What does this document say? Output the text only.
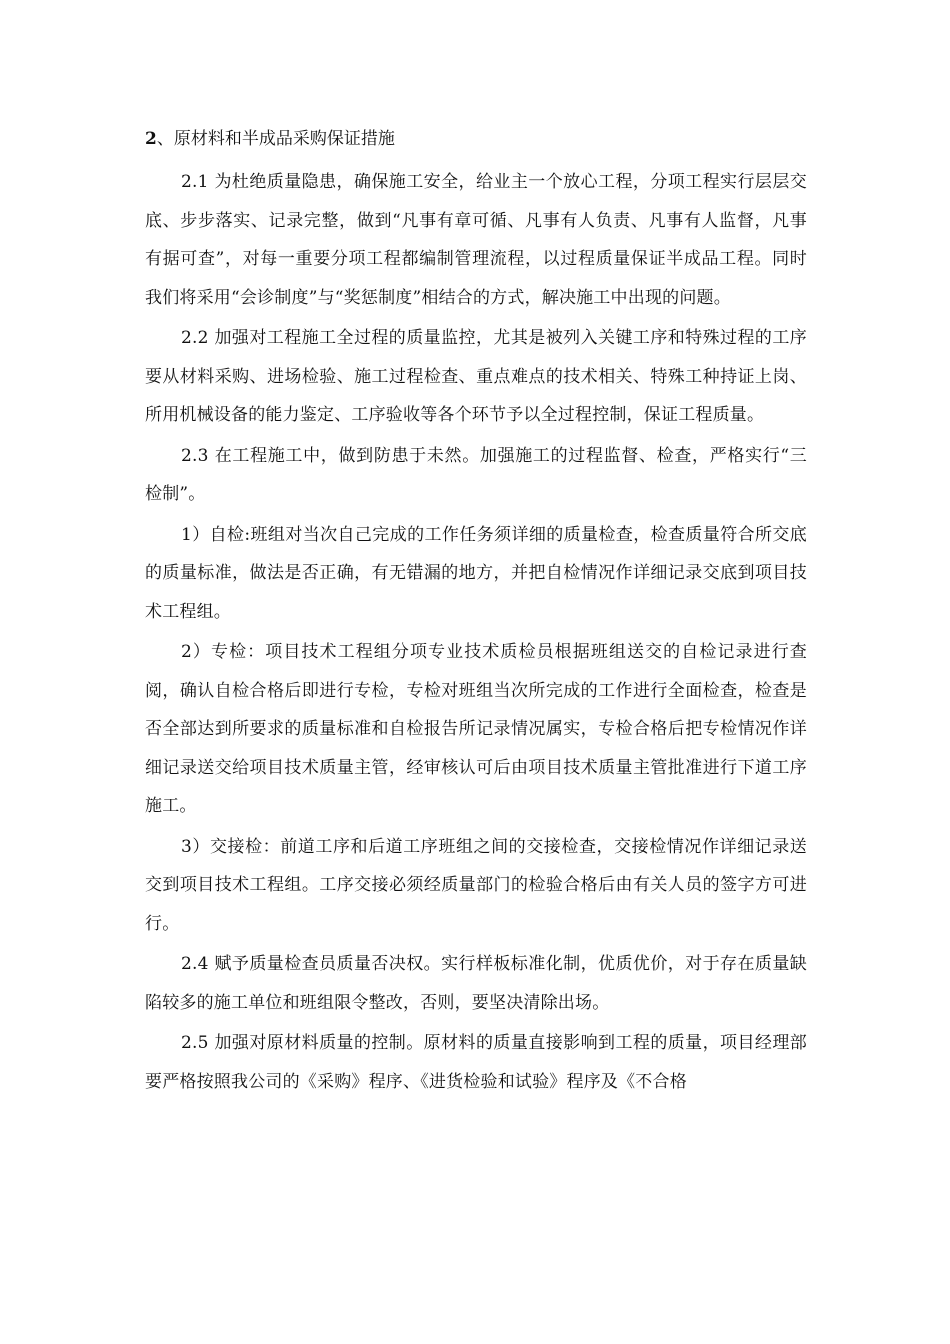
2、原材料和半成品采购保证措施

2.1 为杜绝质量隐患，确保施工安全，给业主一个放心工程，分项工程实行层层交底、步步落实、记录完整，做到“凡事有章可循、凡事有人负责、凡事有人监督，凡事有据可查”，对每一重要分项工程都编制管理流程，以过程质量保证半成品工程。同时我们将采用“会诊制度”与“奖惩制度”相结合的方式，解决施工中出现的问题。

2.2 加强对工程施工全过程的质量监控，尤其是被列入关键工序和特殊过程的工序要从材料采购、进场检验、施工过程检查、重点难点的技术相关、特殊工种持证上岗、所用机械设备的能力鉴定、工序验收等各个环节予以全过程控制，保证工程质量。

2.3 在工程施工中，做到防患于未然。加强施工的过程监督、检查，严格实行“三检制”。

1）自检:班组对当次自己完成的工作任务须详细的质量检查，检查质量符合所交底的质量标准，做法是否正确，有无错漏的地方，并把自检情况作详细记录交底到项目技术工程组。

2）专检：项目技术工程组分项专业技术质检员根据班组送交的自检记录进行查阅，确认自检合格后即进行专检，专检对班组当次所完成的工作进行全面检查，检查是否全部达到所要求的质量标准和自检报告所记录情况属实，专检合格后把专检情况作详细记录送交给项目技术质量主管，经审核认可后由项目技术质量主管批准进行下道工序施工。

3）交接检：前道工序和后道工序班组之间的交接检查，交接检情况作详细记录送交到项目技术工程组。工序交接必须经质量部门的检验合格后由有关人员的签字方可进行。

2.4 赋予质量检查员质量否决权。实行样板标准化制，优质优价，对于存在质量缺陷较多的施工单位和班组限令整改，否则，要坚决清除出场。

2.5 加强对原材料质量的控制。原材料的质量直接影响到工程的质量，项目经理部要严格按照我公司的《采购》程序、《进货检验和试验》程序及《不合格
